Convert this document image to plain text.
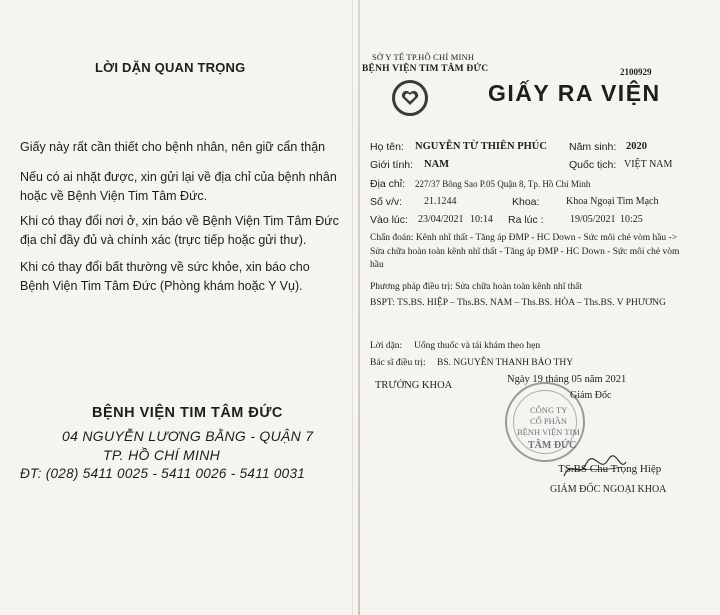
LỜI DẶN QUAN TRỌNG
Giấy này rất cần thiết cho bệnh nhân, nên giữ cẩn thận
Nếu có ai nhặt được, xin gửi lại về địa chỉ của bệnh nhân hoặc về Bệnh Viện Tim Tâm Đức.
Khi có thay đổi nơi ở, xin báo về Bệnh Viện Tim Tâm Đức địa chỉ đầy đủ và chính xác (trực tiếp hoặc gửi thư).
Khi có thay đổi bất thường về sức khỏe, xin báo cho Bệnh Viện Tim Tâm Đức (Phòng khám hoặc Y Vụ).
BỆNH VIỆN TIM TÂM ĐỨC
04 NGUYỄN LƯƠNG BẰNG - QUẬN 7
TP. HỒ CHÍ MINH
ĐT: (028) 5411 0025 - 5411 0026 - 5411 0031
SỞ Y TẾ TP.HỒ CHÍ MINH
BỆNH VIỆN TIM TÂM ĐỨC	2100929
GIẤY RA VIỆN
Họ tên: NGUYỄN TỪ THIÊN PHÚC Năm sinh: 2020
Giới tính: NAM	Quốc tịch: VIỆT NAM
Địa chỉ: 227/37 Bông Sao P.05 Quận 8, Tp. Hồ Chí Minh
Số v/v: 21.1244	Khoa:	Khoa Ngoại Tim Mạch
Vào lúc: 23/04/2021 10:14 Ra lúc :	19/05/2021 10:25
Chẩn đoán: Kênh nhĩ thất - Tăng áp ĐMP - HC Down - Sức môi chẻ vòm hầu ->
Sửa chữa hoàn toàn kênh nhĩ thất - Tăng áp ĐMP - HC Down - Sức môi chẻ vòm
hầu
Phương pháp điều trị: Sửa chữa hoàn toàn kênh nhĩ thất
BSPT: TS.BS. HIỆP – Ths.BS. NAM – Ths.BS. HÒA – Ths.BS. V PHƯƠNG
Lời dặn: Uống thuốc và tái khám theo hẹn
Bác sĩ điều trị: BS. NGUYỄN THANH BẢO THY
TRƯỞNG KHOA
Ngày 19 tháng 05 năm 2021
Giám Đốc
CÔNG TY
CỔ PHẦN
BỆNH VIỆN TIM
TÂM ĐỨC
TS.BS Chu Trọng Hiệp
GIÁM ĐỐC NGOẠI KHOA
